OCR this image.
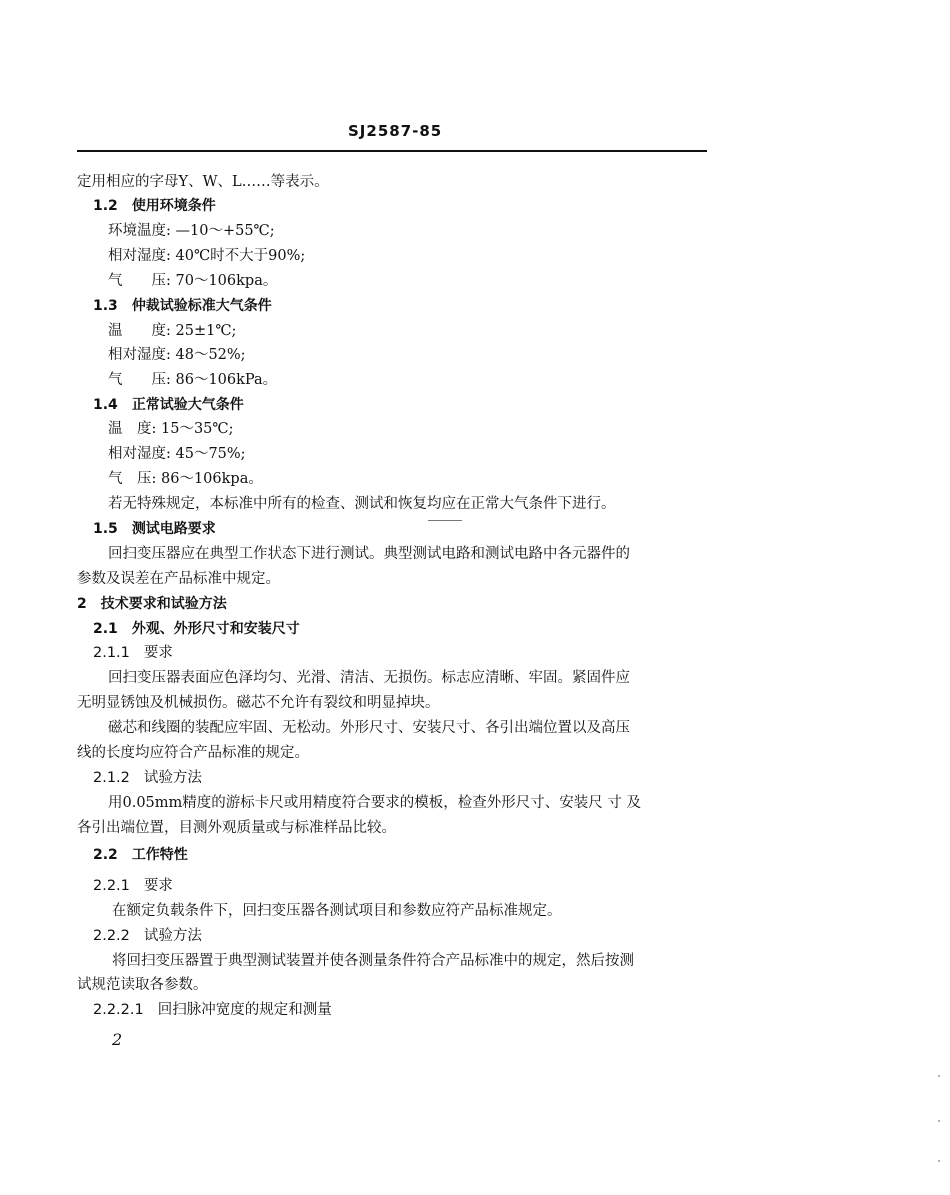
SJ2587-85
定用相应的字母Y、W、L……等表示。
1.2 使用环境条件
环境温度: —10～+55℃;
相对湿度: 40℃时不大于90%;
气　　压: 70～106kpa。
1.3 仲裁试验标准大气条件
温　　度: 25±1℃;
相对湿度: 48～52%;
气　　压: 86～106kPa。
1.4 正常试验大气条件
温　度: 15～35℃;
相对湿度: 45～75%;
气　压: 86～106kpa。
若无特殊规定，本标准中所有的检查、测试和恢复均应在正常大气条件下进行。
1.5 测试电路要求
回扫变压器应在典型工作状态下进行测试。典型测试电路和测试电路中各元器件的
参数及误差在产品标准中规定。
2 技术要求和试验方法
2.1 外观、外形尺寸和安装尺寸
2.1.1 要求
回扫变压器表面应色泽均匀、光滑、清洁、无损伤。标志应清晰、牢固。紧固件应
无明显锈蚀及机械损伤。磁芯不允许有裂纹和明显掉块。
磁芯和线圈的装配应牢固、无松动。外形尺寸、安装尺寸、各引出端位置以及高压
线的长度均应符合产品标准的规定。
2.1.2 试验方法
用0.05mm精度的游标卡尺或用精度符合要求的模板，检查外形尺寸、安装尺 寸 及
各引出端位置，目测外观质量或与标准样品比较。
2.2 工作特性
2.2.1 要求
在额定负载条件下，回扫变压器各测试项目和参数应符产品标准规定。
2.2.2 试验方法
将回扫变压器置于典型测试装置并使各测量条件符合产品标准中的规定，然后按测
试规范读取各参数。
2.2.2.1 回扫脉冲宽度的规定和测量
2
